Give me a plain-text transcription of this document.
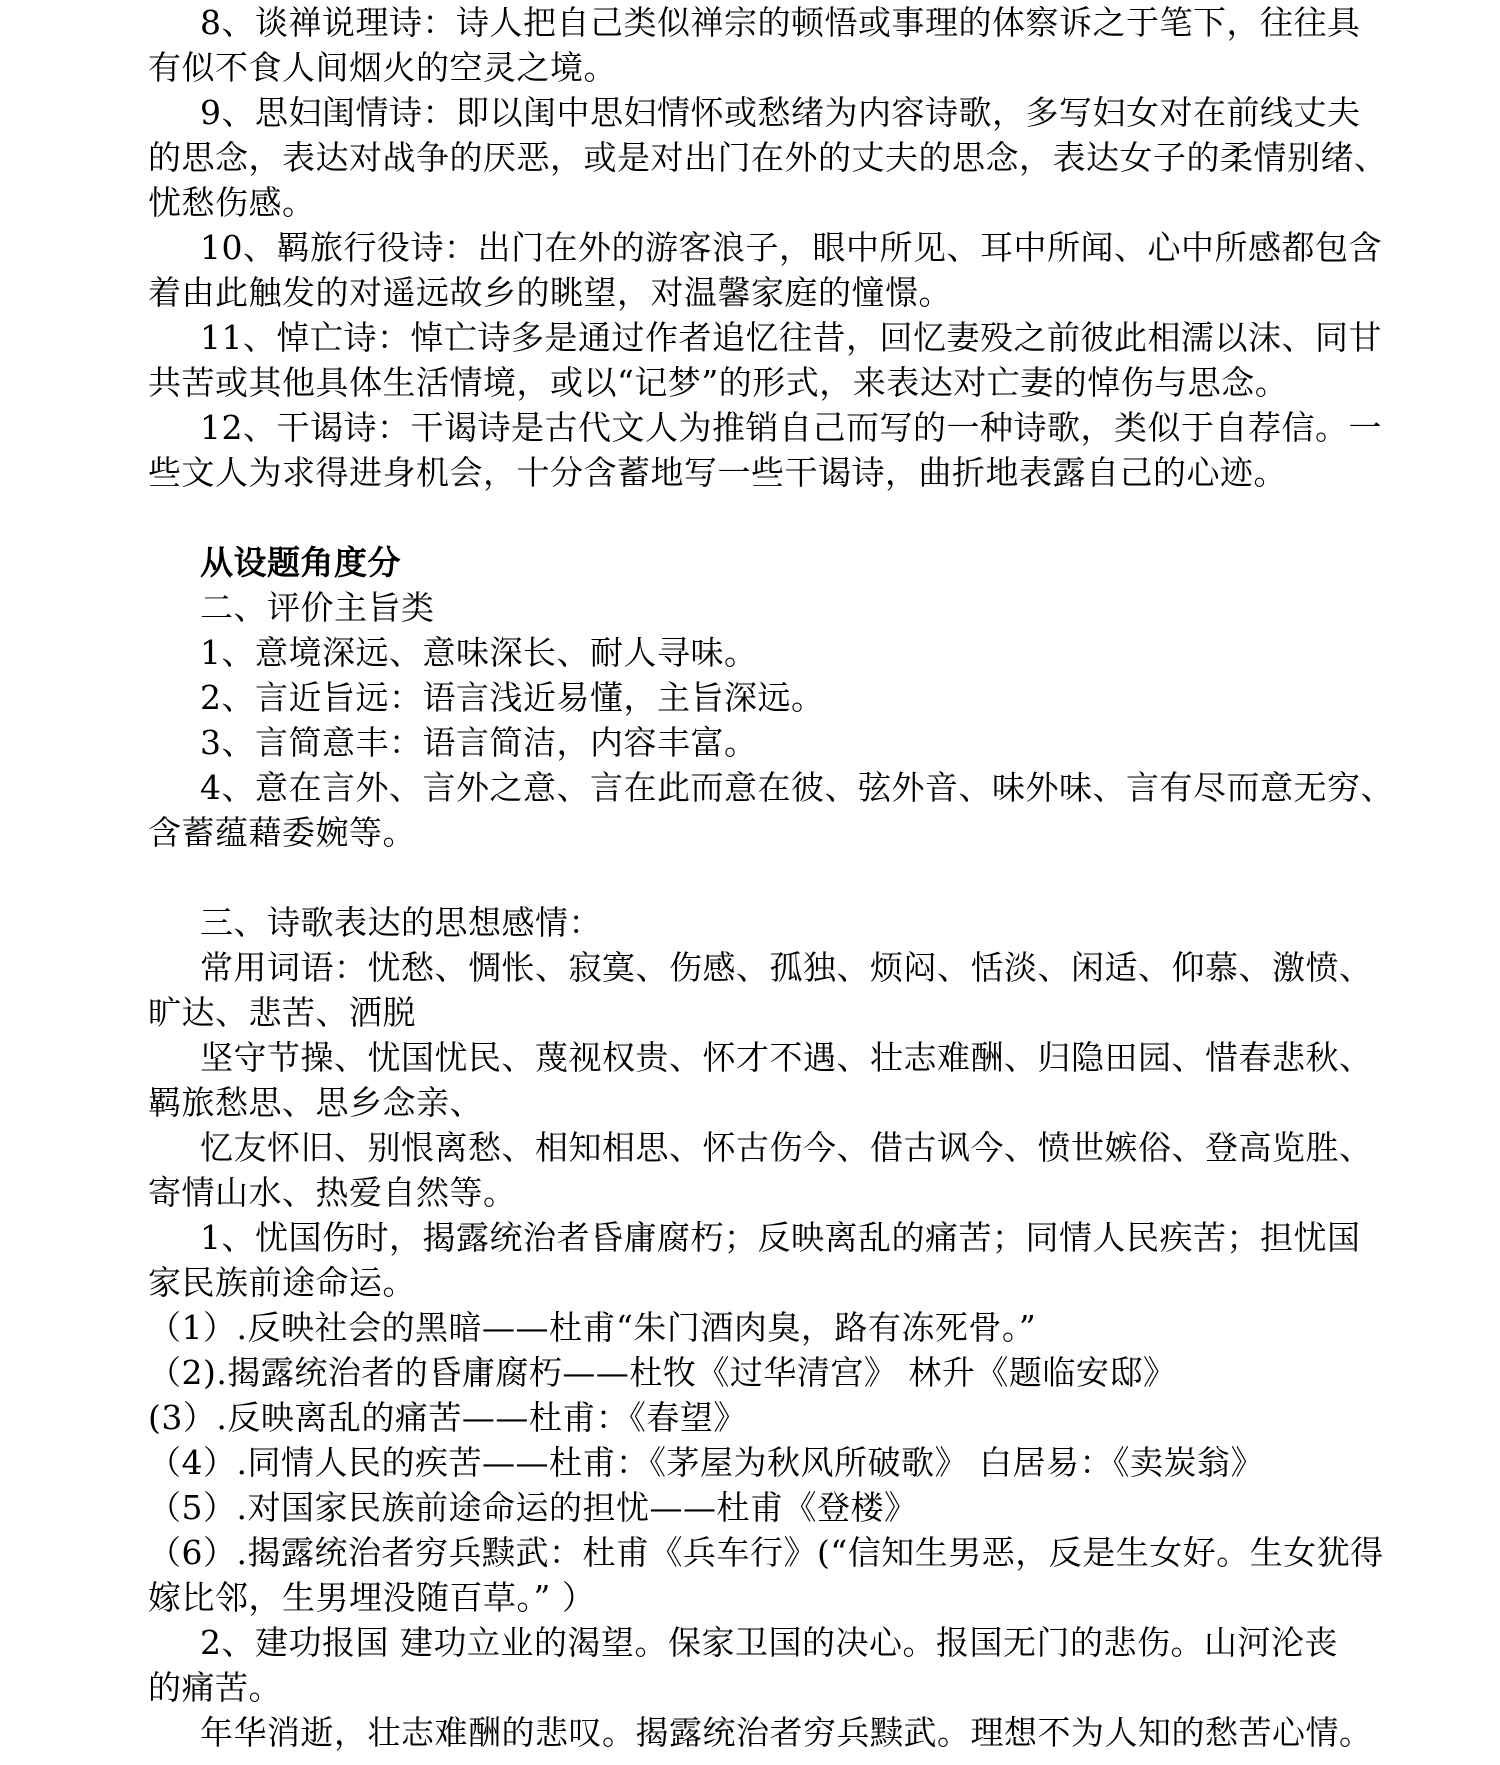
8、谈禅说理诗：诗人把自己类似禅宗的顿悟或事理的体察诉之于笔下，往往具
有似不食人间烟火的空灵之境。
9、思妇闺情诗：即以闺中思妇情怀或愁绪为内容诗歌，多写妇女对在前线丈夫
的思念，表达对战争的厌恶，或是对出门在外的丈夫的思念，表达女子的柔情别绪、
忧愁伤感。
10、羁旅行役诗：出门在外的游客浪子，眼中所见、耳中所闻、心中所感都包含
着由此触发的对遥远故乡的眺望，对温馨家庭的憧憬。
11、悼亡诗：悼亡诗多是通过作者追忆往昔，回忆妻殁之前彼此相濡以沫、同甘
共苦或其他具体生活情境，或以“记梦”的形式，来表达对亡妻的悼伤与思念。
12、干谒诗：干谒诗是古代文人为推销自己而写的一种诗歌，类似于自荐信。一
些文人为求得进身机会，十分含蓄地写一些干谒诗，曲折地表露自己的心迹。
从设题角度分
二、评价主旨类
1、意境深远、意味深长、耐人寻味。
2、言近旨远：语言浅近易懂，主旨深远。
3、言简意丰：语言简洁，内容丰富。
4、意在言外、言外之意、言在此而意在彼、弦外音、味外味、言有尽而意无穷、
含蓄蕴藉委婉等。
三、诗歌表达的思想感情：
常用词语：忧愁、惆怅、寂寞、伤感、孤独、烦闷、恬淡、闲适、仰慕、激愤、
旷达、悲苦、洒脱
坚守节操、忧国忧民、蔑视权贵、怀才不遇、壮志难酬、归隐田园、惜春悲秋、
羁旅愁思、思乡念亲、
忆友怀旧、别恨离愁、相知相思、怀古伤今、借古讽今、愤世嫉俗、登高览胜、
寄情山水、热爱自然等。
1、忧国伤时，揭露统治者昏庸腐朽；反映离乱的痛苦；同情人民疾苦；担忧国
家民族前途命运。
（1）.反映社会的黑暗——杜甫“朱门酒肉臭，路有冻死骨。”
（2).揭露统治者的昏庸腐朽——杜牧《过华清宫》 林升《题临安邸》
(3）.反映离乱的痛苦——杜甫：《春望》
（4）.同情人民的疾苦——杜甫：《茅屋为秋风所破歌》 白居易：《卖炭翁》
（5）.对国家民族前途命运的担忧——杜甫《登楼》
（6）.揭露统治者穷兵黩武：杜甫《兵车行》(“信知生男恶，反是生女好。生女犹得
嫁比邻，生男埋没随百草。” ）
2、建功报国 建功立业的渴望。保家卫国的决心。报国无门的悲伤。山河沦丧
的痛苦。
年华消逝，壮志难酬的悲叹。揭露统治者穷兵黩武。理想不为人知的愁苦心情。
